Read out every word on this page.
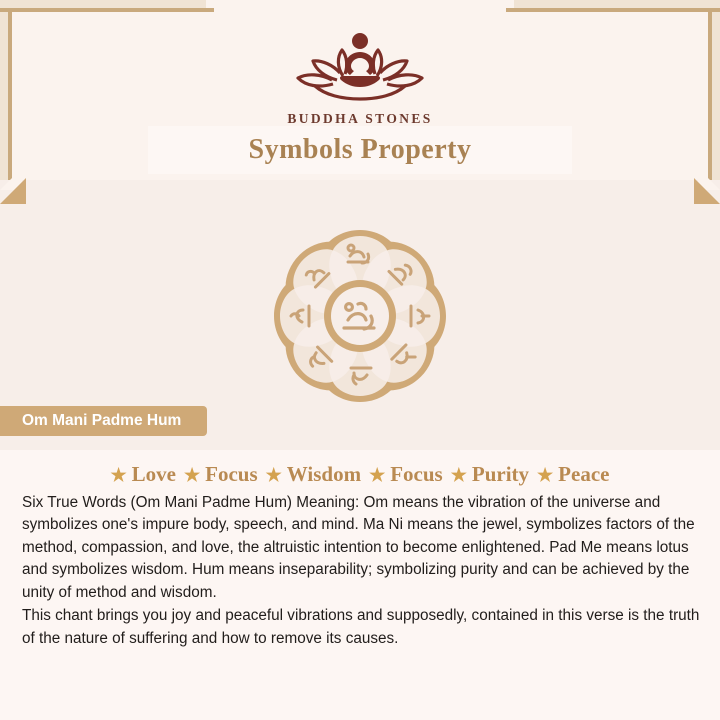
BUDDHA STONES
Symbols Property
Om Mani Padme Hum
★ Love ★ Focus ★ Wisdom ★ Focus ★ Purity ★ Peace

Six True Words (Om Mani Padme Hum) Meaning: Om means the vibration of the universe and symbolizes one's impure body, speech, and mind. Ma Ni means the jewel, symbolizes factors of the method, compassion, and love, the altruistic intention to become enlightened. Pad Me means lotus and symbolizes wisdom. Hum means inseparability; symbolizing purity and can be achieved by the unity of method and wisdom.

This chant brings you joy and peaceful vibrations and supposedly, contained in this verse is the truth of the nature of suffering and how to remove its causes.
